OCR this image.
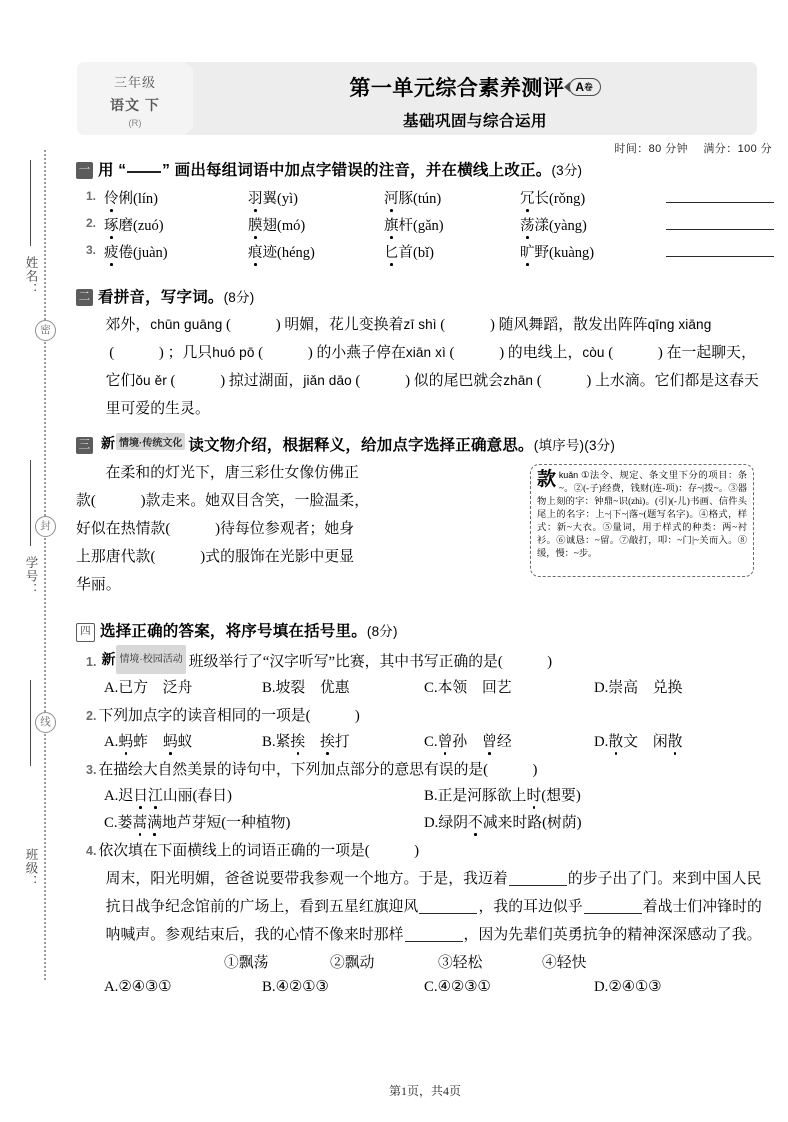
姓名：
密
封
学号：
线
班级：
三年级
语文 下
(R)
第一单元综合素养测评 A卷
基础巩固与综合运用
时间：80 分钟 满分：100 分
一 用 “ ” 画出每组词语中加点字错误的注音，并在横线上改正。(3分)
1. 伶俐(lín)	羽翼(yì)	河豚(tún)	冗长(rǒng)
2. 琢磨(zuó)	膜翅(mó)	旗杆(gǎn)	荡漾(yàng)
3. 疲倦(juàn)	痕迹(héng)	匕首(bǐ)	旷野(kuàng)
二 看拼音，写字词。(8分)
郊外，chūn guāng (　　　) 明媚，花儿变换着zī shì (　　　) 随风舞蹈，散发出阵阵qīng xiāng(　　　) ；几只huó pō (　　　) 的小燕子停在xiān xì (　　　) 的电线上，còu (　　　) 在一起聊天，它们ǒu ěr (　　　) 掠过湖面，jiǎn dāo (　　　) 似的尾巴就会zhān (　　　) 上水滴。它们都是这春天里可爱的生灵。
三 新 情境·传统文化 读文物介绍，根据释义，给加点字选择正确意思。(填序号)(3分)
在柔和的灯光下，唐三彩仕女像仿佛正
款(　　　)款走来。她双目含笑，一脸温柔，
好似在热情款(　　　)待每位参观者；她身
上那唐代款(　　　)式的服饰在光影中更显
华丽。
款kuǎn ①法令、规定、条文里下分的项目：条~。②(-子)经费，钱财(连-项)：存~|拨~。③器物上刻的字：钟鼎~识(zhì)。(引)(-儿)书画、信件头尾上的名字：上~|下~|落~(题写名字)。④格式，样式：新~大衣。⑤量词，用于样式的种类：两~衬衫。⑥诚恳：~留。⑦敲打，叩：~门|~关而入。⑧缓，慢：~步。
四 选择正确的答案，将序号填在括号里。(8分)
1. 新 情境·校园活动 班级举行了“汉字听写”比赛，其中书写正确的是(　　　)
A.已方　泛舟	B.坡裂　优惠	C.本领　回艺	D.崇高　兑换
2. 下列加点字的读音相同的一项是(　　　)
A.蚂蚱　 蚂蚁	B.紧挨　 挨打	C.曾孙　 曾经	D.散文　 闲散
3. 在描绘大自然美景的诗句中，下列加点部分的意思有误的是(　　　)
A.迟日江山丽(春日)	B.正是河豚欲上时(想要)
C.蒌蒿满地芦芽短(一种植物)	D.绿阴不减来时路(树荫)
4. 依次填在下面横线上的词语正确的一项是(　　　)
周末，阳光明媚，爸爸说要带我参观一个地方。于是，我迈着	的步子出了门。来到中国人民抗日战争纪念馆前的广场上，看到五星红旗迎风	，我的耳边似乎	着战士们冲锋时的呐喊声。参观结束后，我的心情不像来时那样	，因为先辈们英勇抗争的精神深深感动了我。
①飘荡	②飘动	③轻松	④轻快
A.②④③①	B.④②①③	C.④②③①	D.②④①③
第1页，共4页
